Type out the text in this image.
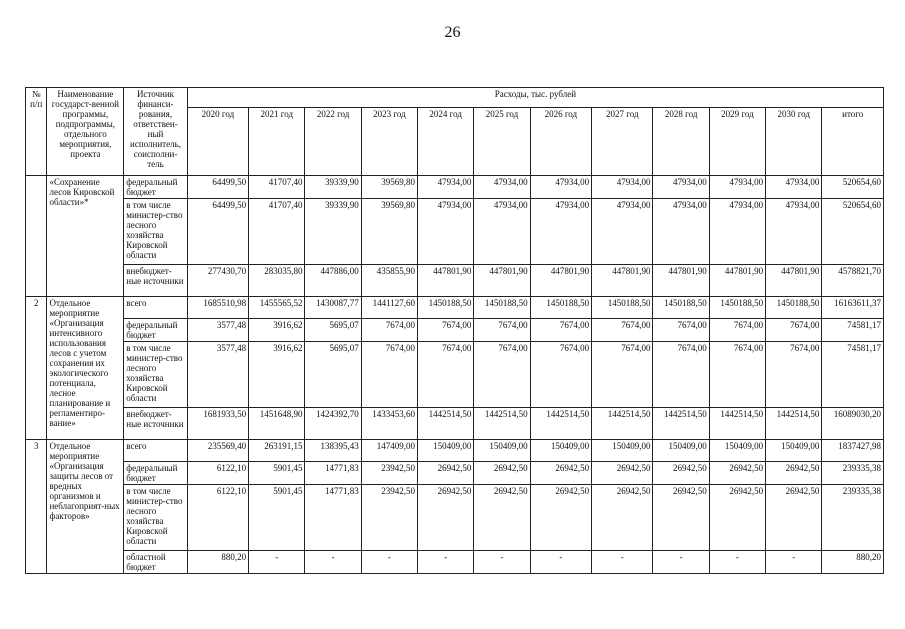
26
№ п/п	Наименование государст-венной программы, подпрограммы, отдельного мероприятия, проекта	Источник финанси-рования, ответствен-ный исполнитель, соисполни-тель	Расходы, тыс. рублей											
			2020 год	2021 год	2022 год	2023 год	2024 год	2025 год	2026 год	2027 год	2028 год	2029 год	2030 год	итого
	«Сохранение лесов Кировской области»*	федеральный бюджет	64499,50	41707,40	39339,90	39569,80	47934,00	47934,00	47934,00	47934,00	47934,00	47934,00	47934,00	520654,60
		в том числе министер-ство лесного хозяйства Кировской области	64499,50	41707,40	39339,90	39569,80	47934,00	47934,00	47934,00	47934,00	47934,00	47934,00	47934,00	520654,60
		внебюджет-ные источники	277430,70	283035,80	447886,00	435855,90	447801,90	447801,90	447801,90	447801,90	447801,90	447801,90	447801,90	4578821,70
2	Отдельное мероприятие «Организация интенсивного использования лесов с учетом сохранения их экологического потенциала, лесное планирование и регламентиро-вание»	всего	1685510,98	1455565,52	1430087,77	1441127,60	1450188,50	1450188,50	1450188,50	1450188,50	1450188,50	1450188,50	1450188,50	16163611,37
		федеральный бюджет	3577,48	3916,62	5695,07	7674,00	7674,00	7674,00	7674,00	7674,00	7674,00	7674,00	7674,00	74581,17
		в том числе министер-ство лесного хозяйства Кировской области	3577,48	3916,62	5695,07	7674,00	7674,00	7674,00	7674,00	7674,00	7674,00	7674,00	7674,00	74581,17
		внебюджет-ные источники	1681933,50	1451648,90	1424392,70	1433453,60	1442514,50	1442514,50	1442514,50	1442514,50	1442514,50	1442514,50	1442514,50	16089030,20
3	Отдельное мероприятие «Организация защиты лесов от вредных организмов и неблагоприят-ных факторов»	всего	235569,40	263191,15	138395,43	147409,00	150409,00	150409,00	150409,00	150409,00	150409,00	150409,00	150409,00	1837427,98
		федеральный бюджет	6122,10	5901,45	14771,83	23942,50	26942,50	26942,50	26942,50	26942,50	26942,50	26942,50	26942,50	239335,38
		в том числе министер-ство лесного хозяйства Кировской области	6122,10	5901,45	14771,83	23942,50	26942,50	26942,50	26942,50	26942,50	26942,50	26942,50	26942,50	239335,38
		областной бюджет	880,20	-	-	-	-	-	-	-	-	-	-	880,20
